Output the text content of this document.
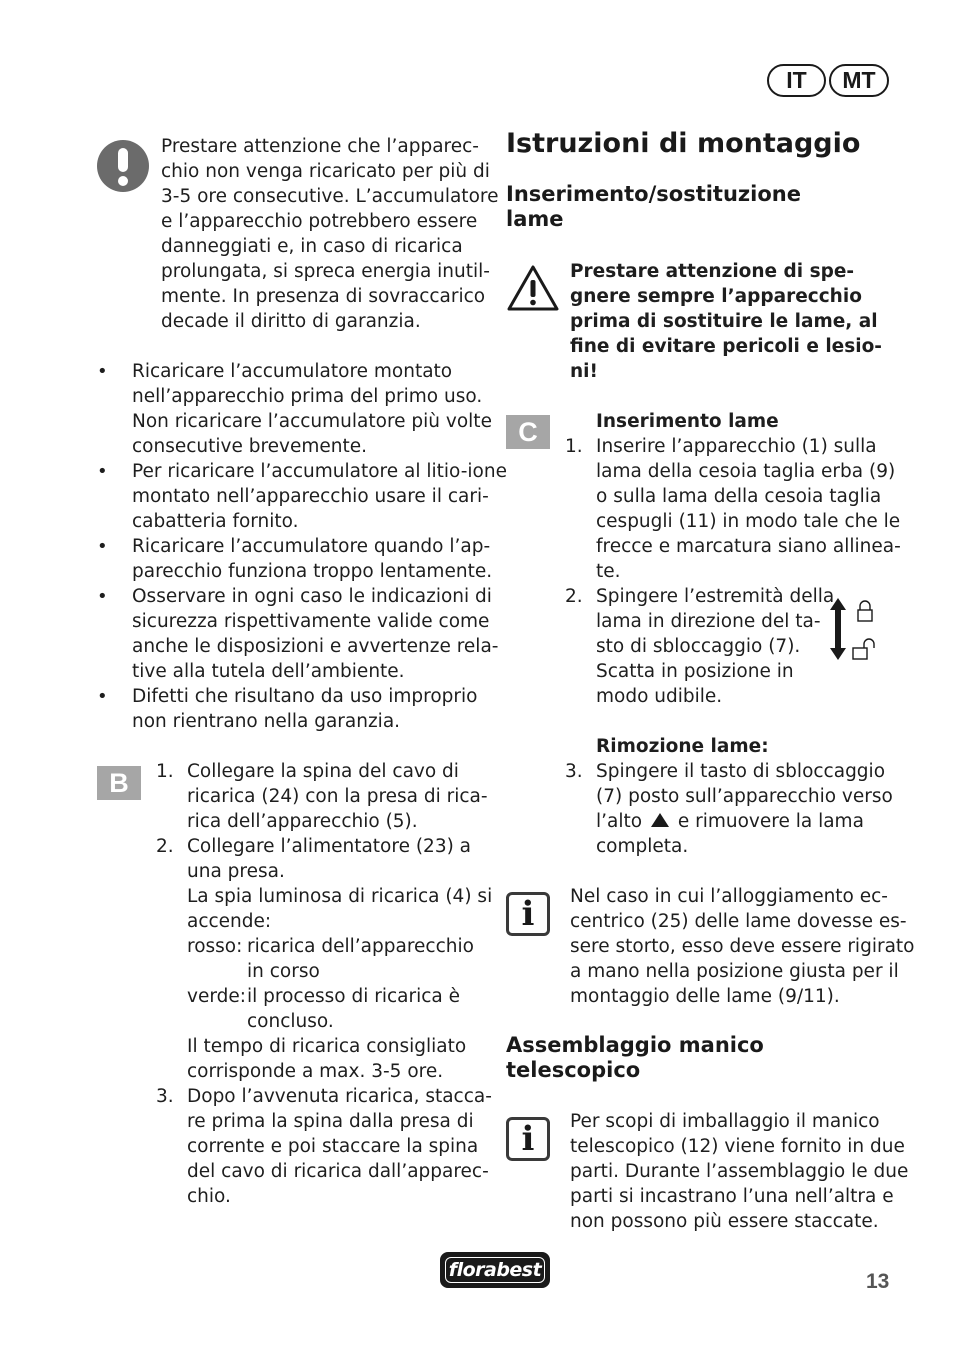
IT	MT
Prestare attenzione che l’apparec-
chio non venga ricaricato per più di
3-5 ore consecutive. L’accumulatore
e l’apparecchio potrebbero essere
danneggiati e, in caso di ricarica
prolungata, si spreca energia inutil-
mente. In presenza di sovraccarico
decade il diritto di garanzia.
• Ricaricare l’accumulatore montato
nell’apparecchio prima del primo uso.
Non ricaricare l’accumulatore più volte
consecutive brevemente.
• Per ricaricare l’accumulatore al litio-ione
montato nell’apparecchio usare il cari-
cabatteria fornito.
• Ricaricare l’accumulatore quando l’ap-
parecchio funziona troppo lentamente.
• Osservare in ogni caso le indicazioni di
sicurezza rispettivamente valide come
anche le disposizioni e avvertenze rela-
tive alla tutela dell’ambiente.
• Difetti che risultano da uso improprio
non rientrano nella garanzia.
B	1. Collegare la spina del cavo di
ricarica (24) con la presa di rica-
rica dell’apparecchio (5).
2. Collegare l’alimentatore (23) a
una presa.
La spia luminosa di ricarica (4) si
accende:
rosso: ricarica dell’apparecchio
in corso
verde: il processo di ricarica è
concluso.
Il tempo di ricarica consigliato
corrisponde a max. 3-5 ore.
3. Dopo l’avvenuta ricarica, stacca-
re prima la spina dalla presa di
corrente e poi staccare la spina
del cavo di ricarica dall’apparec-
chio.
Istruzioni di montaggio
Inserimento/sostituzione
lame
Prestare attenzione di spe-
gnere sempre l’apparecchio
prima di sostituire le lame, al
fine di evitare pericoli e lesio-
ni!
C	Inserimento lame
1. Inserire l’apparecchio (1) sulla
lama della cesoia taglia erba (9)
o sulla lama della cesoia taglia
cespugli (11) in modo tale che le
frecce e marcatura siano allinea-
te.
2. Spingere l’estremità della
lama in direzione del ta-
sto di sbloccaggio (7).
Scatta in posizione in
modo udibile.
Rimozione lame:
3. Spingere il tasto di sbloccaggio
(7) posto sull’apparecchio verso
l’alto e rimuovere la lama
completa.
i	Nel caso in cui l’alloggiamento ec-
centrico (25) delle lame dovesse es-
sere storto, esso deve essere rigirato
a mano nella posizione giusta per il
montaggio delle lame (9/11).
Assemblaggio manico
telescopico
i	Per scopi di imballaggio il manico
telescopico (12) viene fornito in due
parti. Durante l’assemblaggio le due
parti si incastrano l’una nell’altra e
non possono più essere staccate.
florabest	13
